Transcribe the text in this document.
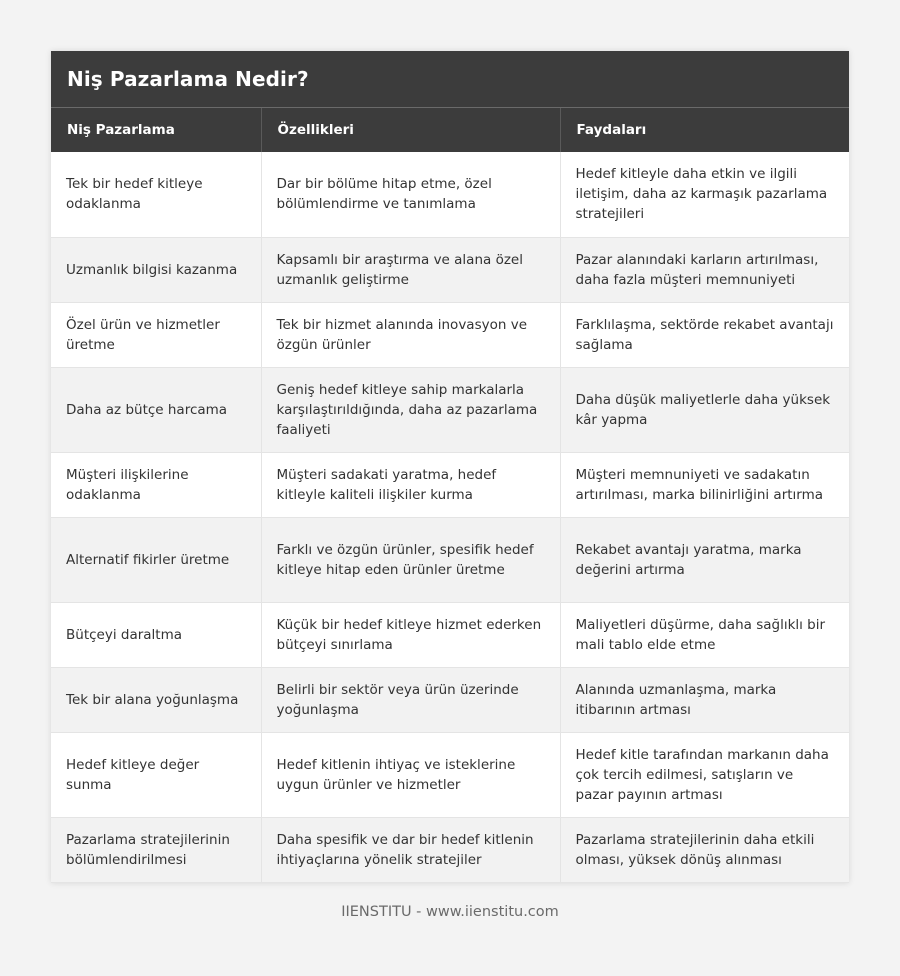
Niş Pazarlama Nedir?
Niş Pazarlama	Özellikleri	Faydaları
Tek bir hedef kitleye odaklanma	Dar bir bölüme hitap etme, özel bölümlendirme ve tanımlama	Hedef kitleyle daha etkin ve ilgili iletişim, daha az karmaşık pazarlama stratejileri
Uzmanlık bilgisi kazanma	Kapsamlı bir araştırma ve alana özel uzmanlık geliştirme	Pazar alanındaki karların artırılması, daha fazla müşteri memnuniyeti
Özel ürün ve hizmetler üretme	Tek bir hizmet alanında inovasyon ve özgün ürünler	Farklılaşma, sektörde rekabet avantajı sağlama
Daha az bütçe harcama	Geniş hedef kitleye sahip markalarla karşılaştırıldığında, daha az pazarlama faaliyeti	Daha düşük maliyetlerle daha yüksek kâr yapma
Müşteri ilişkilerine odaklanma	Müşteri sadakati yaratma, hedef kitleyle kaliteli ilişkiler kurma	Müşteri memnuniyeti ve sadakatın artırılması, marka bilinirliğini artırma
Alternatif fikirler üretme	Farklı ve özgün ürünler, spesifik hedef kitleye hitap eden ürünler üretme	Rekabet avantajı yaratma, marka değerini artırma
Bütçeyi daraltma	Küçük bir hedef kitleye hizmet ederken bütçeyi sınırlama	Maliyetleri düşürme, daha sağlıklı bir mali tablo elde etme
Tek bir alana yoğunlaşma	Belirli bir sektör veya ürün üzerinde yoğunlaşma	Alanında uzmanlaşma, marka itibarının artması
Hedef kitleye değer sunma	Hedef kitlenin ihtiyaç ve isteklerine uygun ürünler ve hizmetler	Hedef kitle tarafından markanın daha çok tercih edilmesi, satışların ve pazar payının artması
Pazarlama stratejilerinin bölümlendirilmesi	Daha spesifik ve dar bir hedef kitlenin ihtiyaçlarına yönelik stratejiler	Pazarlama stratejilerinin daha etkili olması, yüksek dönüş alınması
IIENSTITU - www.iienstitu.com
